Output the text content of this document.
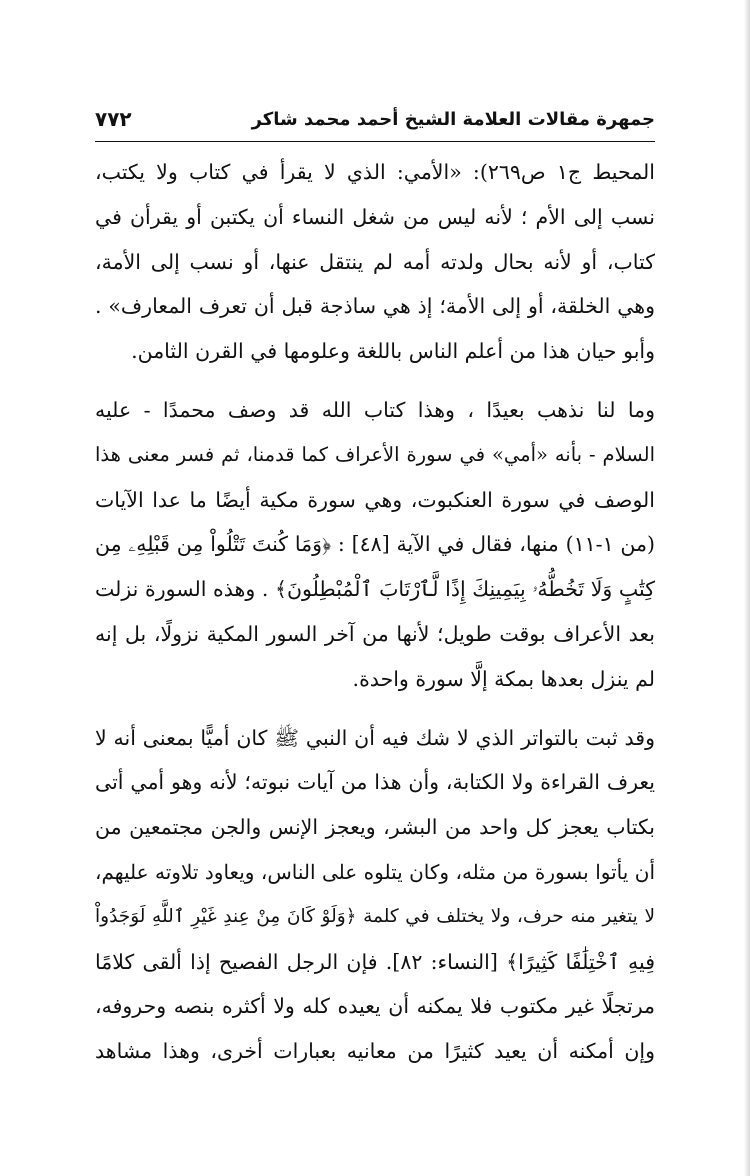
جمهرة مقالات العلامة الشيخ أحمد محمد شاكر
٧٧٢
المحيط ج١ ص٢٦٩): «الأمي: الذي لا يقرأ في كتاب ولا يكتب،
نسب إلى الأم ؛ لأنه ليس من شغل النساء أن يكتبن أو يقرأن في
كتاب، أو لأنه بحال ولدته أمه لم ينتقل عنها، أو نسب إلى الأمة،
وهي الخلقة، أو إلى الأمة؛ إذ هي ساذجة قبل أن تعرف المعارف» .
وأبو حيان هذا من أعلم الناس باللغة وعلومها في القرن الثامن.
وما لنا نذهب بعيدًا ، وهذا كتاب الله قد وصف محمدًا - عليه
السلام - بأنه «أمي» في سورة الأعراف كما قدمنا، ثم فسر معنى هذا
الوصف في سورة العنكبوت، وهي سورة مكية أيضًا ما عدا الآيات
(من ١-١١) منها، فقال في الآية [٤٨] : ﴿وَمَا كُنتَ تَتْلُواْ مِن قَبْلِهِۦ مِن
كِتَٰبٍ وَلَا تَخُطُّهُۥ بِيَمِينِكَ إِذًا لَّٱرْتَابَ ٱلْمُبْطِلُونَ﴾ . وهذه السورة نزلت
بعد الأعراف بوقت طويل؛ لأنها من آخر السور المكية نزولًا، بل إنه
لم ينزل بعدها بمكة إلَّا سورة واحدة.
وقد ثبت بالتواتر الذي لا شك فيه أن النبي ﷺ كان أميًّا بمعنى أنه لا
يعرف القراءة ولا الكتابة، وأن هذا من آيات نبوته؛ لأنه وهو أمي أتى
بكتاب يعجز كل واحد من البشر، ويعجز الإنس والجن مجتمعين من
أن يأتوا بسورة من مثله، وكان يتلوه على الناس، ويعاود تلاوته عليهم،
لا يتغير منه حرف، ولا يختلف في كلمة ﴿وَلَوْ كَانَ مِنْ عِندِ غَيْرِ ٱللَّهِ لَوَجَدُواْ
فِيهِ ٱخْتِلَٰفًا كَثِيرًا﴾ [النساء: ٨٢]. فإن الرجل الفصيح إذا ألقى كلامًا
مرتجلًا غير مكتوب فلا يمكنه أن يعيده كله ولا أكثره بنصه وحروفه،
وإن أمكنه أن يعيد كثيرًا من معانيه بعبارات أخرى، وهذا مشاهد
